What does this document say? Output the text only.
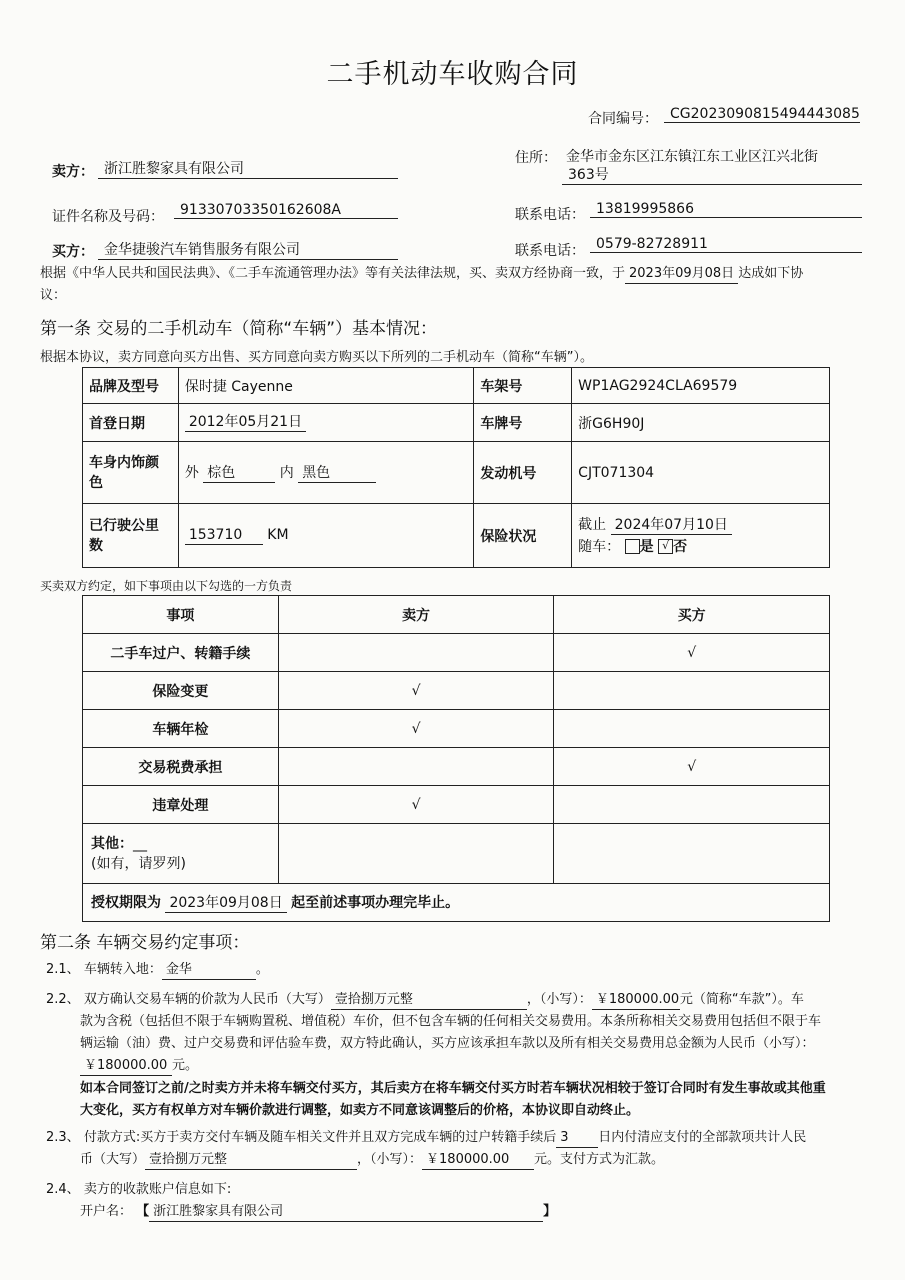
二手机动车收购合同
合同编号： CG2023090815494443085
卖方： 浙江胜黎家具有限公司
住所： 金华市金东区江东镇江东工业区江兴北街
363号
证件名称及号码：	91330703350162608A	联系电话： 13819995866
买方： 金华捷骏汽车销售服务有限公司	联系电话： 0579-82728911
根据《中华人民共和国民法典》、《二手车流通管理办法》等有关法律法规，买、卖双方经协商一致，于 2023年09月08日 达成如下协
议：
第一条 交易的二手机动车（简称“车辆”）基本情况：
根据本协议，卖方同意向买方出售、买方同意向卖方购买以下所列的二手机动车（简称“车辆”）。
品牌及型号	保时捷 Cayenne	车架号	WP1AG2924CLA69579
首登日期	2012年05月21日	车牌号	浙G6H90J
车身内饰颜色	外 棕色 内 黑色	发动机号	CJT071304
已行驶公里数	153710 KM	保险状况	截止 2024年07月10日
随车： 是 √ 否
买卖双方约定，如下事项由以下勾选的一方负责
事项	卖方	买方
二手车过户、转籍手续		√
保险变更	√	
车辆年检	√	
交易税费承担		√
违章处理	√	

其他：__
(如有，请罗列)		

授权期限为 2023年09月08日 起至前述事项办理完毕止。		
第二条 车辆交易约定事项：
2.1、 车辆转入地： 金华	。
2.2、 双方确认交易车辆的价款为人民币（大写） 壹拾捌万元整	，（小写）： ￥180000.00元（简称“车款”）。车
款为含税（包括但不限于车辆购置税、增值税）车价，但不包含车辆的任何相关交易费用。本条所称相关交易费用包括但不限于车
辆运输（油）费、过户交易费和评估验车费，双方特此确认，买方应该承担车款以及所有相关交易费用总金额为人民币（小写）：
￥180000.00 元。
如本合同签订之前/之时卖方并未将车辆交付买方，其后卖方在将车辆交付买方时若车辆状况相较于签订合同时有发生事故或其他重
大变化，买方有权单方对车辆价款进行调整，如卖方不同意该调整后的价格，本协议即自动终止。
2.3、 付款方式:买方于卖方交付车辆及随车相关文件并且双方完成车辆的过户转籍手续后 3 日内付清应支付的全部款项共计人民
币（大写） 壹拾捌万元整	，（小写）： ￥180000.00 元。支付方式为汇款。
2.4、 卖方的收款账户信息如下:
开户名： 【 浙江胜黎家具有限公司	】
